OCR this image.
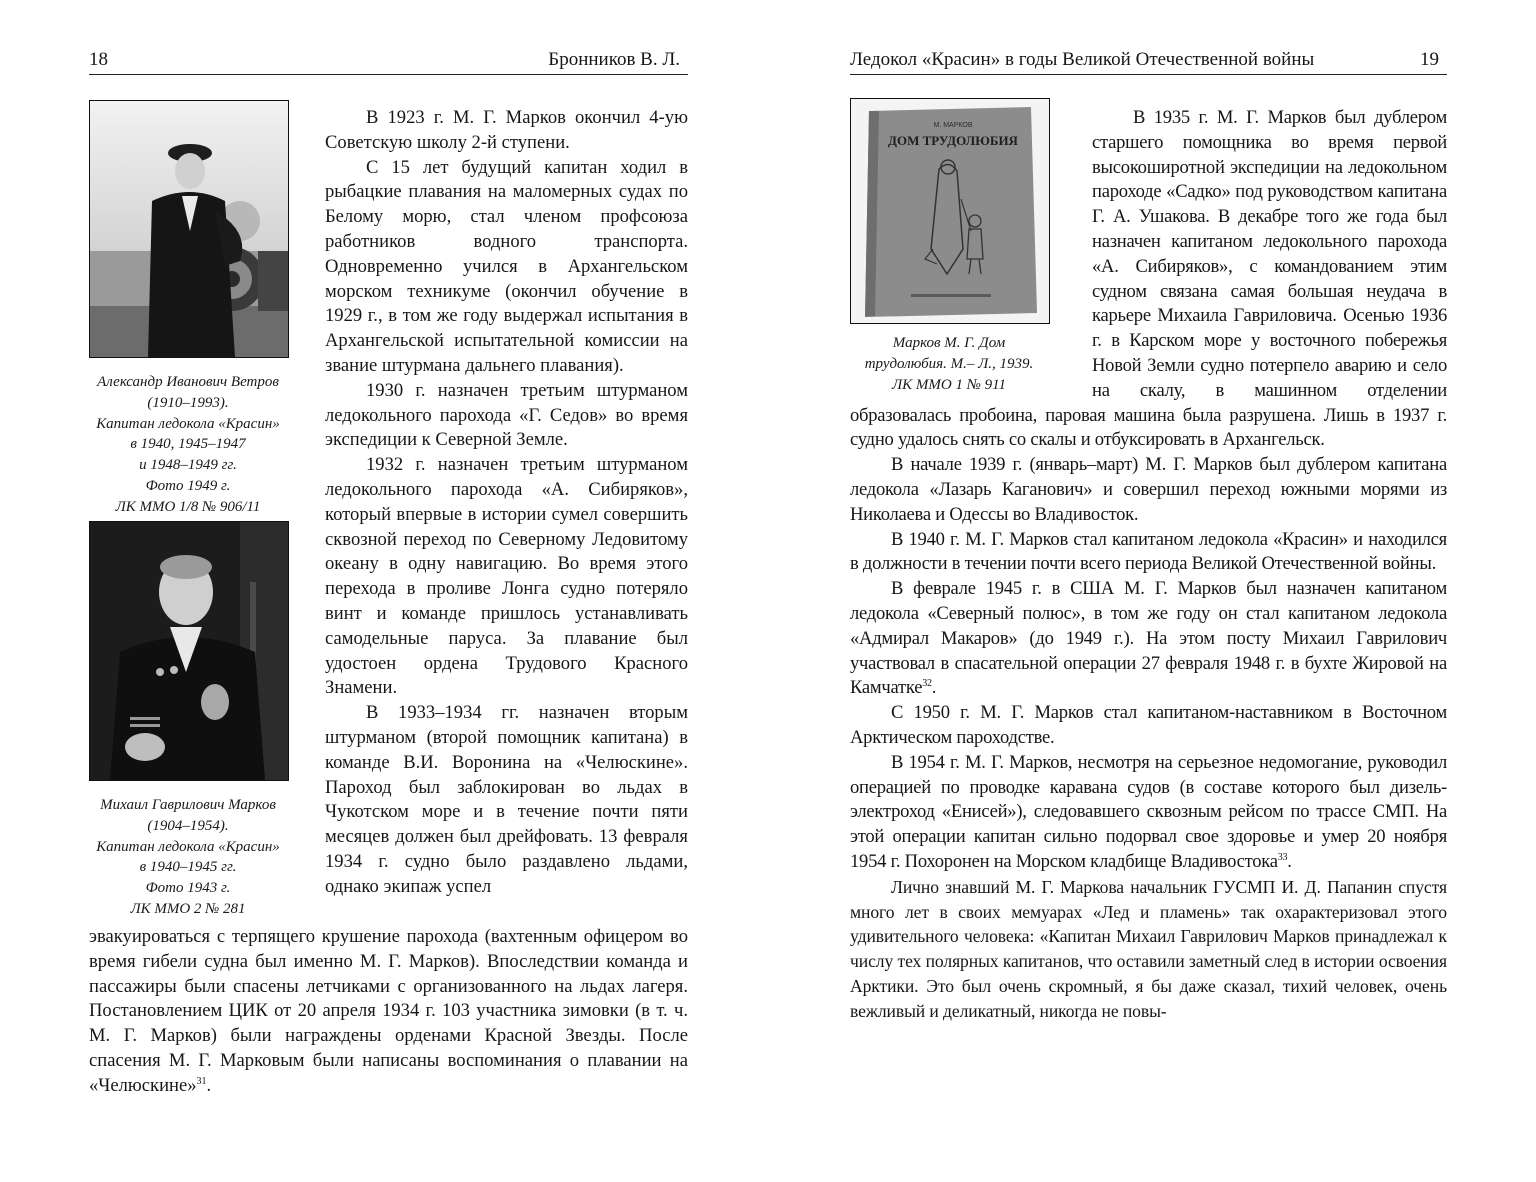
18	Бронников В. Л.
Александр Иванович Ветров
(1910–1993).
Капитан ледокола «Красин»
в 1940, 1945–1947
и 1948–1949 гг.
Фото 1949 г.
ЛК ММО 1/8 № 906/11
Михаил Гаврилович Марков
(1904–1954).
Капитан ледокола «Красин»
в 1940–1945 гг.
Фото 1943 г.
ЛК ММО 2 № 281

В 1923 г. М. Г. Марков окончил 4-ую Советскую школу 2-й ступени.

С 15 лет будущий капитан ходил в рыбацкие плавания на маломерных судах по Белому морю, стал членом профсоюза работников водного транспорта. Одновременно учился в Архангельском морском техникуме (окончил обучение в 1929 г., в том же году выдержал испытания в Архангельской испытательной комиссии на звание штурмана дальнего плавания).

1930 г. назначен третьим штурманом ледокольного парохода «Г. Седов» во время экспедиции к Северной Земле.

1932 г. назначен третьим штурманом ледокольного парохода «А. Сибиряков», который впервые в истории сумел совершить сквозной переход по Северному Ледовитому океану в одну навигацию. Во время этого перехода в проливе Лонга судно потеряло винт и команде пришлось устанавливать самодельные паруса. За плавание был удостоен ордена Трудового Красного Знамени.

В 1933–1934 гг. назначен вторым штурманом (второй помощник капитана) в команде В.И. Воронина на «Челюскине». Пароход был заблокирован во льдах в Чукотском море и в течение почти пяти месяцев должен был дрейфовать. 13 февраля 1934 г. судно было раздавлено льдами, однако экипаж успел

эвакуироваться с терпящего крушение парохода (вахтенным офицером во время гибели судна был именно М. Г. Марков). Впоследствии команда и пассажиры были спасены летчиками с организованного на льдах лагеря. Постановлением ЦИК от 20 апреля 1934 г. 103 участника зимовки (в т. ч. М. Г. Марков) были награждены орденами Красной Звезды. После спасения М. Г. Марковым были написаны воспоминания о плавании на «Челюскине»$^{31}$.

Ледокол «Красин» в годы Великой Отечественной войны	19

В 1935 г. М. Г. Марков был дублером старшего помощника во время первой высокоширотной экспедиции на ледокольном пароходе «Садко» под руководством капитана Г. А. Ушакова. В декабре того же года был назначен капитаном ледокольного парохода «А. Сибиряков», с командованием этим судном связана самая большая неудача в карьере Михаила Гавриловича. Осенью 1936 г. в Карском море у восточного побережья Новой Земли судно потерпело аварию и село на скалу, в машинном отделении образовалась пробоина, паровая машина была разрушена. Лишь в 1937 г. судно удалось снять со скалы и отбуксировать в Архангельск.

В начале 1939 г. (январь–март) М. Г. Марков был дублером капитана ледокола «Лазарь Каганович» и совершил переход южными морями из Николаева и Одессы во Владивосток.

В 1940 г. М. Г. Марков стал капитаном ледокола «Красин» и находился в должности в течении почти всего периода Великой Отечественной войны.

В феврале 1945 г. в США М. Г. Марков был назначен капитаном ледокола «Северный полюс», в том же году он стал капитаном ледокола «Адмирал Макаров» (до 1949 г.). На этом посту Михаил Гаврилович участвовал в спасательной операции 27 февраля 1948 г. в бухте Жировой на Камчатке$^{32}$.

С 1950 г. М. Г. Марков стал капитаном-наставником в Восточном Арктическом пароходстве.

В 1954 г. М. Г. Марков, несмотря на серьезное недомогание, руководил операцией по проводке каравана судов (в составе которого был дизель-электроход «Енисей»), следовавшего сквозным рейсом по трассе СМП. На этой операции капитан сильно подорвал свое здоровье и умер 20 ноября 1954 г. Похоронен на Морском кладбище Владивостока$^{33}$.

Лично знавший М. Г. Маркова начальник ГУСМП И. Д. Папанин спустя много лет в своих мемуарах «Лед и пламень» так охарактеризовал этого удивительного человека: «Капитан Михаил Гаврилович Марков принадлежал к числу тех полярных капитанов, что оставили заметный след в истории освоения Арктики. Это был очень скромный, я бы даже сказал, тихий человек, очень вежливый и деликатный, никогда не повы-

М. МАРКОВ
ДОМ ТРУДОЛЮБИЯ
Марков М. Г. Дом
трудолюбия. М.– Л., 1939.
ЛК ММО 1 № 911
